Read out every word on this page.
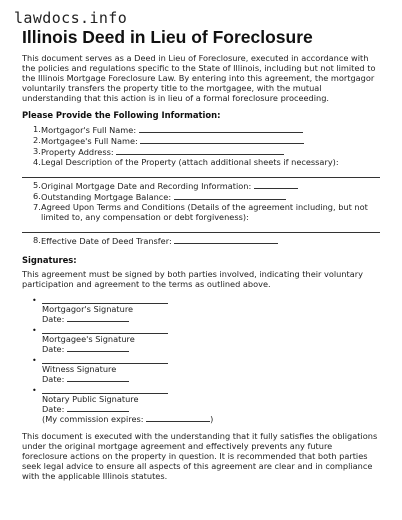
lawdocs.info
Illinois Deed in Lieu of Foreclosure

This document serves as a Deed in Lieu of Foreclosure, executed in accordance with the policies and regulations specific to the State of Illinois, including but not limited to the Illinois Mortgage Foreclosure Law. By entering into this agreement, the mortgagor voluntarily transfers the property title to the mortgagee, with the mutual understanding that this action is in lieu of a formal foreclosure proceeding.

Please Provide the Following Information:
1. Mortgagor's Full Name:
2. Mortgagee's Full Name:
3. Property Address:
4. Legal Description of the Property (attach additional sheets if necessary):
5. Original Mortgage Date and Recording Information:
6. Outstanding Mortgage Balance:
7. Agreed Upon Terms and Conditions (Details of the agreement including, but not limited to, any compensation or debt forgiveness):
8. Effective Date of Deed Transfer:
Signatures:

This agreement must be signed by both parties involved, indicating their voluntary participation and agreement to the terms as outlined above.

•
Mortgagor's Signature
Date:
•
Mortgagee's Signature
Date:
•
Witness Signature
Date:
•
Notary Public Signature
Date:
(My commission expires:	)

This document is executed with the understanding that it fully satisfies the obligations under the original mortgage agreement and effectively prevents any future foreclosure actions on the property in question. It is recommended that both parties seek legal advice to ensure all aspects of this agreement are clear and in compliance with the applicable Illinois statutes.
